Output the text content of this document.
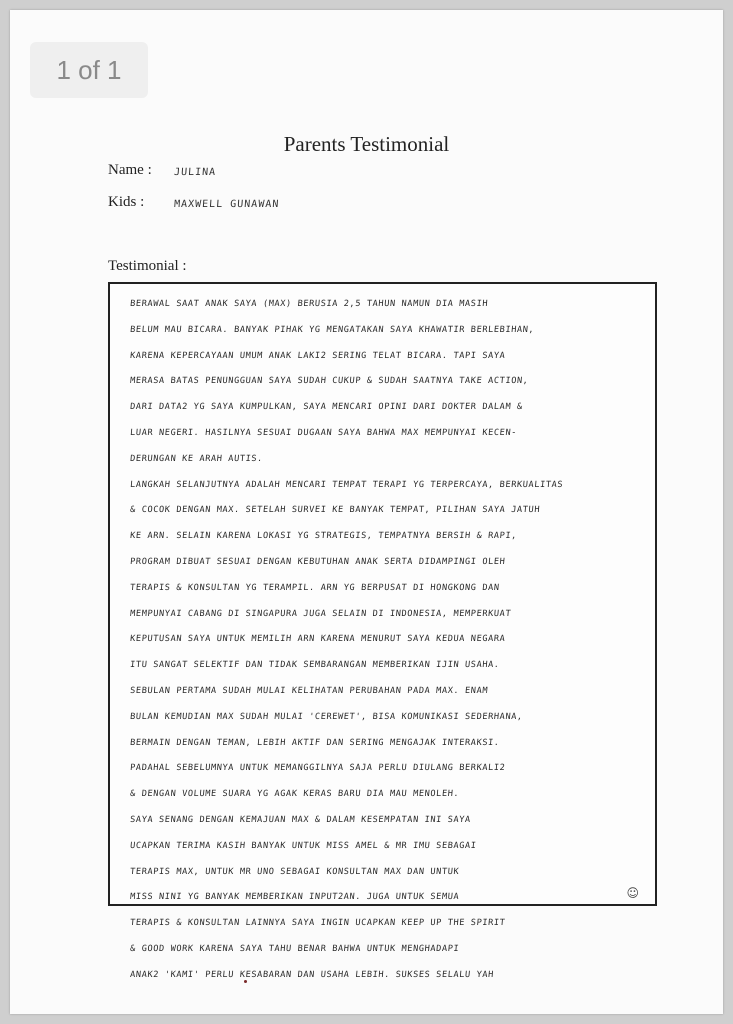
Parents Testimonial
Name : JULINA
Kids :	MAXWELL GUNAWAN
Testimonial :
BERAWAL SAAT ANAK SAYA (MAX) BERUSIA 2,5 TAHUN NAMUN DIA MASIH
BELUM MAU BICARA. BANYAK PIHAK YG MENGATAKAN SAYA KHAWATIR BERLEBIHAN,
KARENA KEPERCAYAAN UMUM ANAK LAKI2 SERING TELAT BICARA. TAPI SAYA
MERASA BATAS PENUNGGUAN SAYA SUDAH CUKUP & SUDAH SAATNYA TAKE ACTION,
DARI DATA2 YG SAYA KUMPULKAN, SAYA MENCARI OPINI DARI DOKTER DALAM &
LUAR NEGERI. HASILNYA SESUAI DUGAAN SAYA BAHWA MAX MEMPUNYAI KECEN-
DERUNGAN KE ARAH AUTIS.
LANGKAH SELANJUTNYA ADALAH MENCARI TEMPAT TERAPI YG TERPERCAYA, BERKUALITAS
& COCOK DENGAN MAX. SETELAH SURVEI KE BANYAK TEMPAT, PILIHAN SAYA JATUH
KE ARN. SELAIN KARENA LOKASI YG STRATEGIS, TEMPATNYA BERSIH & RAPI,
PROGRAM DIBUAT SESUAI DENGAN KEBUTUHAN ANAK SERTA DIDAMPINGI OLEH
TERAPIS & KONSULTAN YG TERAMPIL. ARN YG BERPUSAT DI HONGKONG DAN
MEMPUNYAI CABANG DI SINGAPURA JUGA SELAIN DI INDONESIA, MEMPERKUAT
KEPUTUSAN SAYA UNTUK MEMILIH ARN KARENA MENURUT SAYA KEDUA NEGARA
ITU SANGAT SELEKTIF DAN TIDAK SEMBARANGAN MEMBERIKAN IJIN USAHA.
SEBULAN PERTAMA SUDAH MULAI KELIHATAN PERUBAHAN PADA MAX. ENAM
BULAN KEMUDIAN MAX SUDAH MULAI 'CEREWET', BISA KOMUNIKASI SEDERHANA,
BERMAIN DENGAN TEMAN, LEBIH AKTIF DAN SERING MENGAJAK INTERAKSI.
PADAHAL SEBELUMNYA UNTUK MEMANGGILNYA SAJA PERLU DIULANG BERKALI2
& DENGAN VOLUME SUARA YG AGAK KERAS BARU DIA MAU MENOLEH.
SAYA SENANG DENGAN KEMAJUAN MAX & DALAM KESEMPATAN INI SAYA
UCAPKAN TERIMA KASIH BANYAK UNTUK MISS AMEL & MR IMU SEBAGAI
TERAPIS MAX, UNTUK MR UNO SEBAGAI KONSULTAN MAX DAN UNTUK
MISS NINI YG BANYAK MEMBERIKAN INPUT2AN. JUGA UNTUK SEMUA
TERAPIS & KONSULTAN LAINNYA SAYA INGIN UCAPKAN KEEP UP THE SPIRIT
& GOOD WORK KARENA SAYA TAHU BENAR BAHWA UNTUK MENGHADAPI
ANAK2 'KAMI' PERLU KESABARAN DAN USAHA LEBIH. SUKSES SELALU YAH
☺
1 of 1
